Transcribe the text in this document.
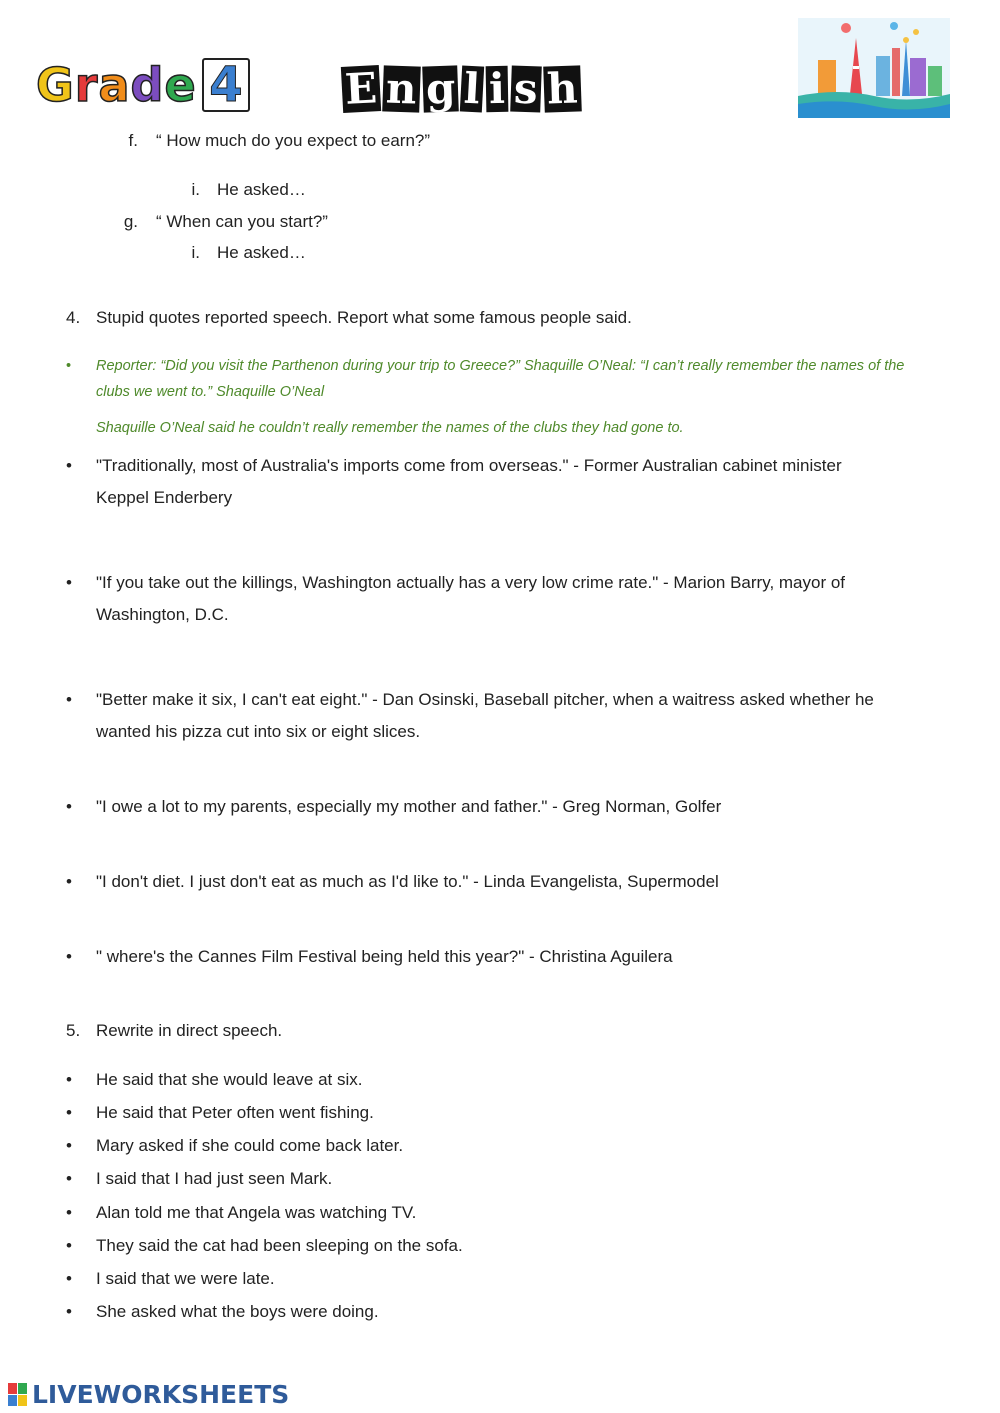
Grade 4 E n g l i s h
f. “ How much do you expect to earn?”
i. He asked…
g. “ When can you start?”
i. He asked…
4. Stupid quotes reported speech. Report what some famous people said.
• Reporter: “Did you visit the Parthenon during your trip to Greece?” Shaquille O’Neal: “I can’t really remember the names of the
clubs we went to.” Shaquille O’Neal
Shaquille O’Neal said he couldn’t really remember the names of the clubs they had gone to.
• "Traditionally, most of Australia's imports come from overseas." - Former Australian cabinet minister
Keppel Enderbery
• "If you take out the killings, Washington actually has a very low crime rate." - Marion Barry, mayor of
Washington, D.C.
• "Better make it six, I can't eat eight." - Dan Osinski, Baseball pitcher, when a waitress asked whether he
wanted his pizza cut into six or eight slices.
• "I owe a lot to my parents, especially my mother and father." - Greg Norman, Golfer
• "I don't diet. I just don't eat as much as I'd like to." - Linda Evangelista, Supermodel
• " where's the Cannes Film Festival being held this year?" - Christina Aguilera
5. Rewrite in direct speech.
• He said that she would leave at six.
• He said that Peter often went fishing.
• Mary asked if she could come back later.
• I said that I had just seen Mark.
• Alan told me that Angela was watching TV.
• They said the cat had been sleeping on the sofa.
• I said that we were late.
• She asked what the boys were doing.
LIVEWORKSHEETS
